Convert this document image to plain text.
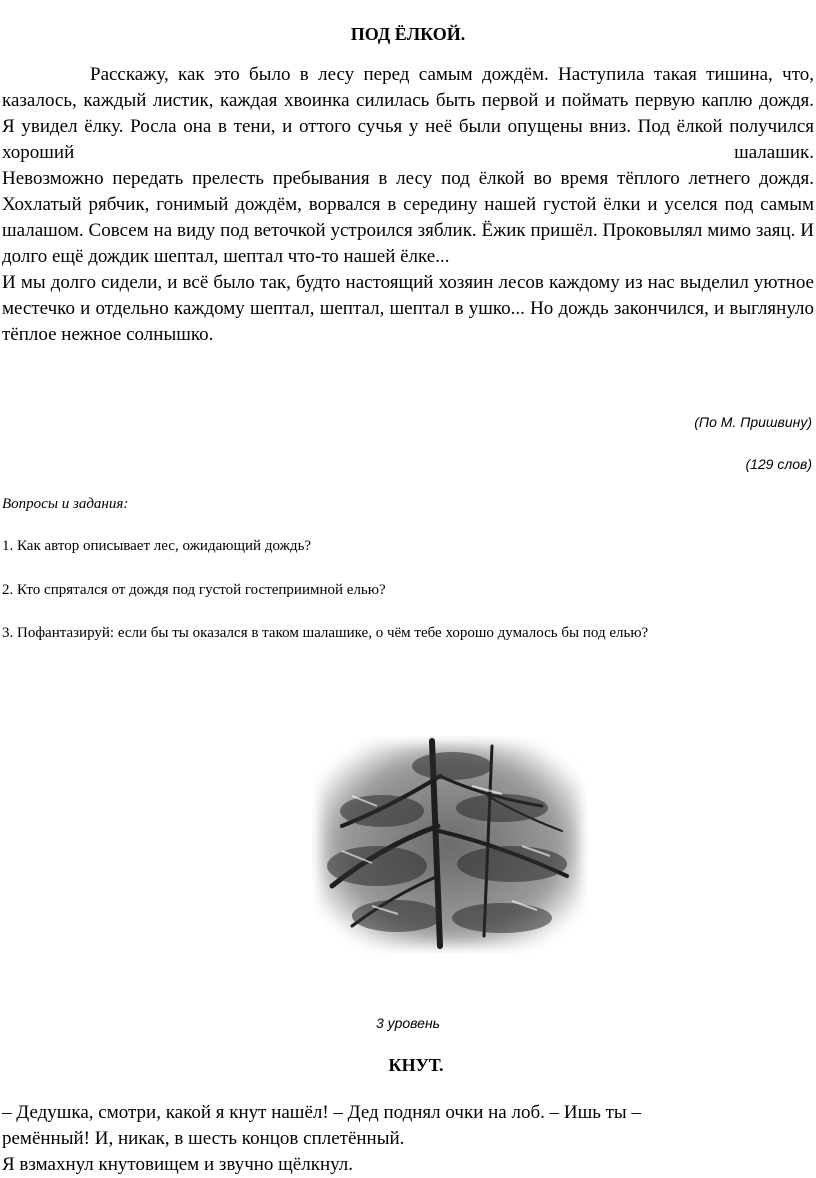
ПОД ЁЛКОЙ.

Расскажу, как это было в лесу перед самым дождём. Наступила такая тишина, что, казалось, каждый листик, каждая хвоинка силилась быть первой и поймать первую каплю дождя.

Я увидел ёлку. Росла она в тени, и оттого сучья у неё были опущены вниз. Под ёлкой получился хороший шалашик.

Невозможно передать прелесть пребывания в лесу под ёлкой во время тёплого летнего дождя. Хохлатый рябчик, гонимый дождём, ворвался в середину нашей густой ёлки и уселся под самым шалашом. Совсем на виду под веточкой устроился зяблик. Ёжик пришёл. Проковылял мимо заяц. И долго ещё дождик шептал, шептал что-то нашей ёлке...

И мы долго сидели, и всё было так, будто настоящий хозяин лесов каждому из нас выделил уютное местечко и отдельно каждому шептал, шептал, шептал в ушко... Но дождь закончился, и выглянуло тёплое нежное солнышко.

(По М. Пришвину)
(129 слов)
Вопросы и задания:
1. Как автор описывает лес, ожидающий дождь?
2. Кто спрятался от дождя под густой гостеприимной елью?
3. Пофантазируй: если бы ты оказался в таком шалашике, о чём тебе хорошо думалось бы под елью?
3 уровень
КНУТ.

– Дедушка, смотри, какой я кнут нашёл! – Дед поднял очки на лоб. – Ишь ты –

ремённый! И, никак, в шесть концов сплетённый.

Я взмахнул кнутовищем и звучно щёлкнул.
